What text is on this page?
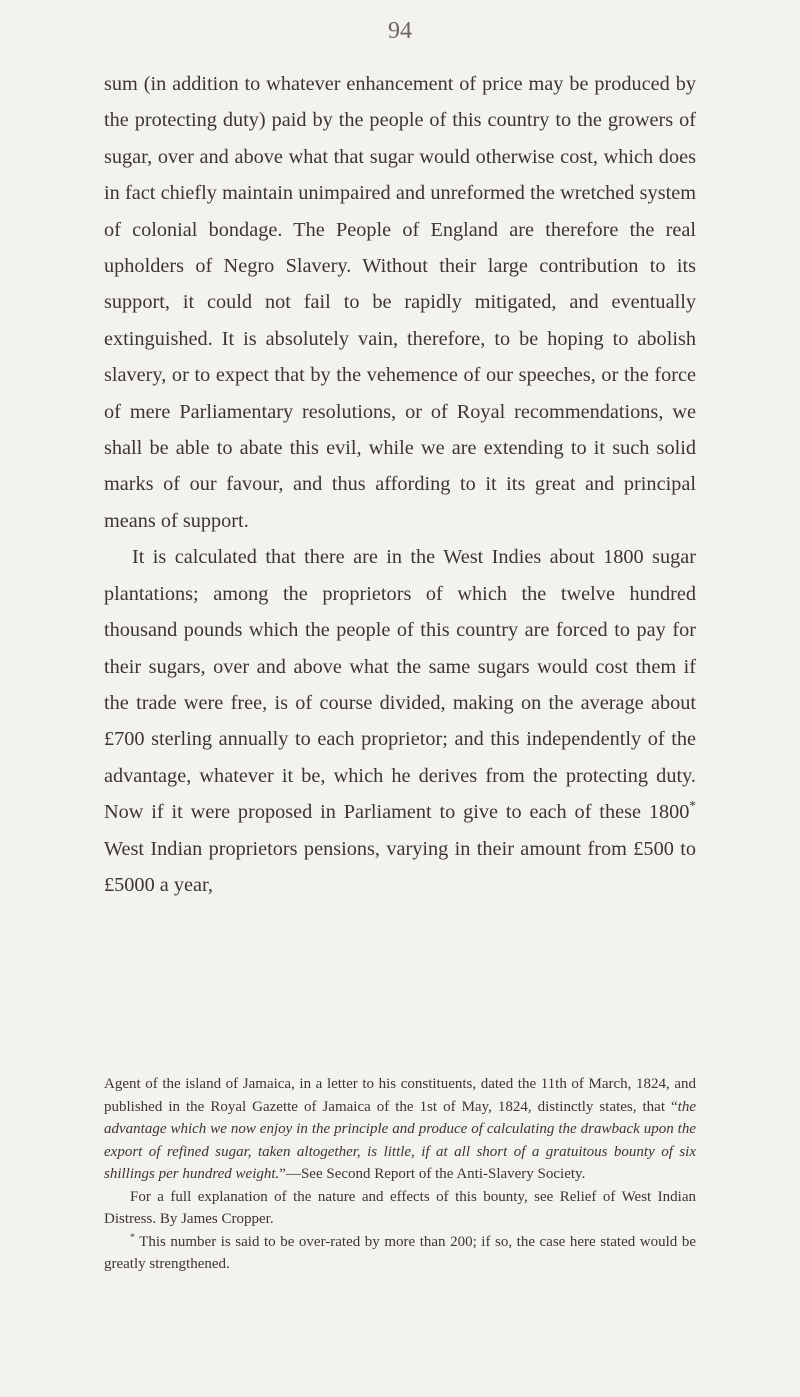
94

sum (in addition to whatever enhancement of price may be produced by the protecting duty) paid by the people of this country to the growers of sugar, over and above what that sugar would otherwise cost, which does in fact chiefly maintain unimpaired and unreformed the wretched system of colonial bondage. The People of England are therefore the real upholders of Negro Slavery. Without their large contribution to its support, it could not fail to be rapidly mitigated, and eventually extinguished. It is absolutely vain, therefore, to be hoping to abolish slavery, or to expect that by the vehemence of our speeches, or the force of mere Parliamentary resolutions, or of Royal recommendations, we shall be able to abate this evil, while we are extending to it such solid marks of our favour, and thus affording to it its great and principal means of support.

It is calculated that there are in the West Indies about 1800 sugar plantations; among the proprietors of which the twelve hundred thousand pounds which the people of this country are forced to pay for their sugars, over and above what the same sugars would cost them if the trade were free, is of course divided, making on the average about £700 sterling annually to each proprietor; and this independently of the advantage, whatever it be, which he derives from the protecting duty. Now if it were proposed in Parliament to give to each of these 1800* West Indian proprietors pensions, varying in their amount from £500 to £5000 a year,

Agent of the island of Jamaica, in a letter to his constituents, dated the 11th of March, 1824, and published in the Royal Gazette of Jamaica of the 1st of May, 1824, distinctly states, that “the advantage which we now enjoy in the principle and produce of calculating the drawback upon the export of refined sugar, taken altogether, is little, if at all short of a gratuitous bounty of six shillings per hundred weight.”—See Second Report of the Anti-Slavery Society.

For a full explanation of the nature and effects of this bounty, see Relief of West Indian Distress. By James Cropper.

* This number is said to be over-rated by more than 200; if so, the case here stated would be greatly strengthened.
